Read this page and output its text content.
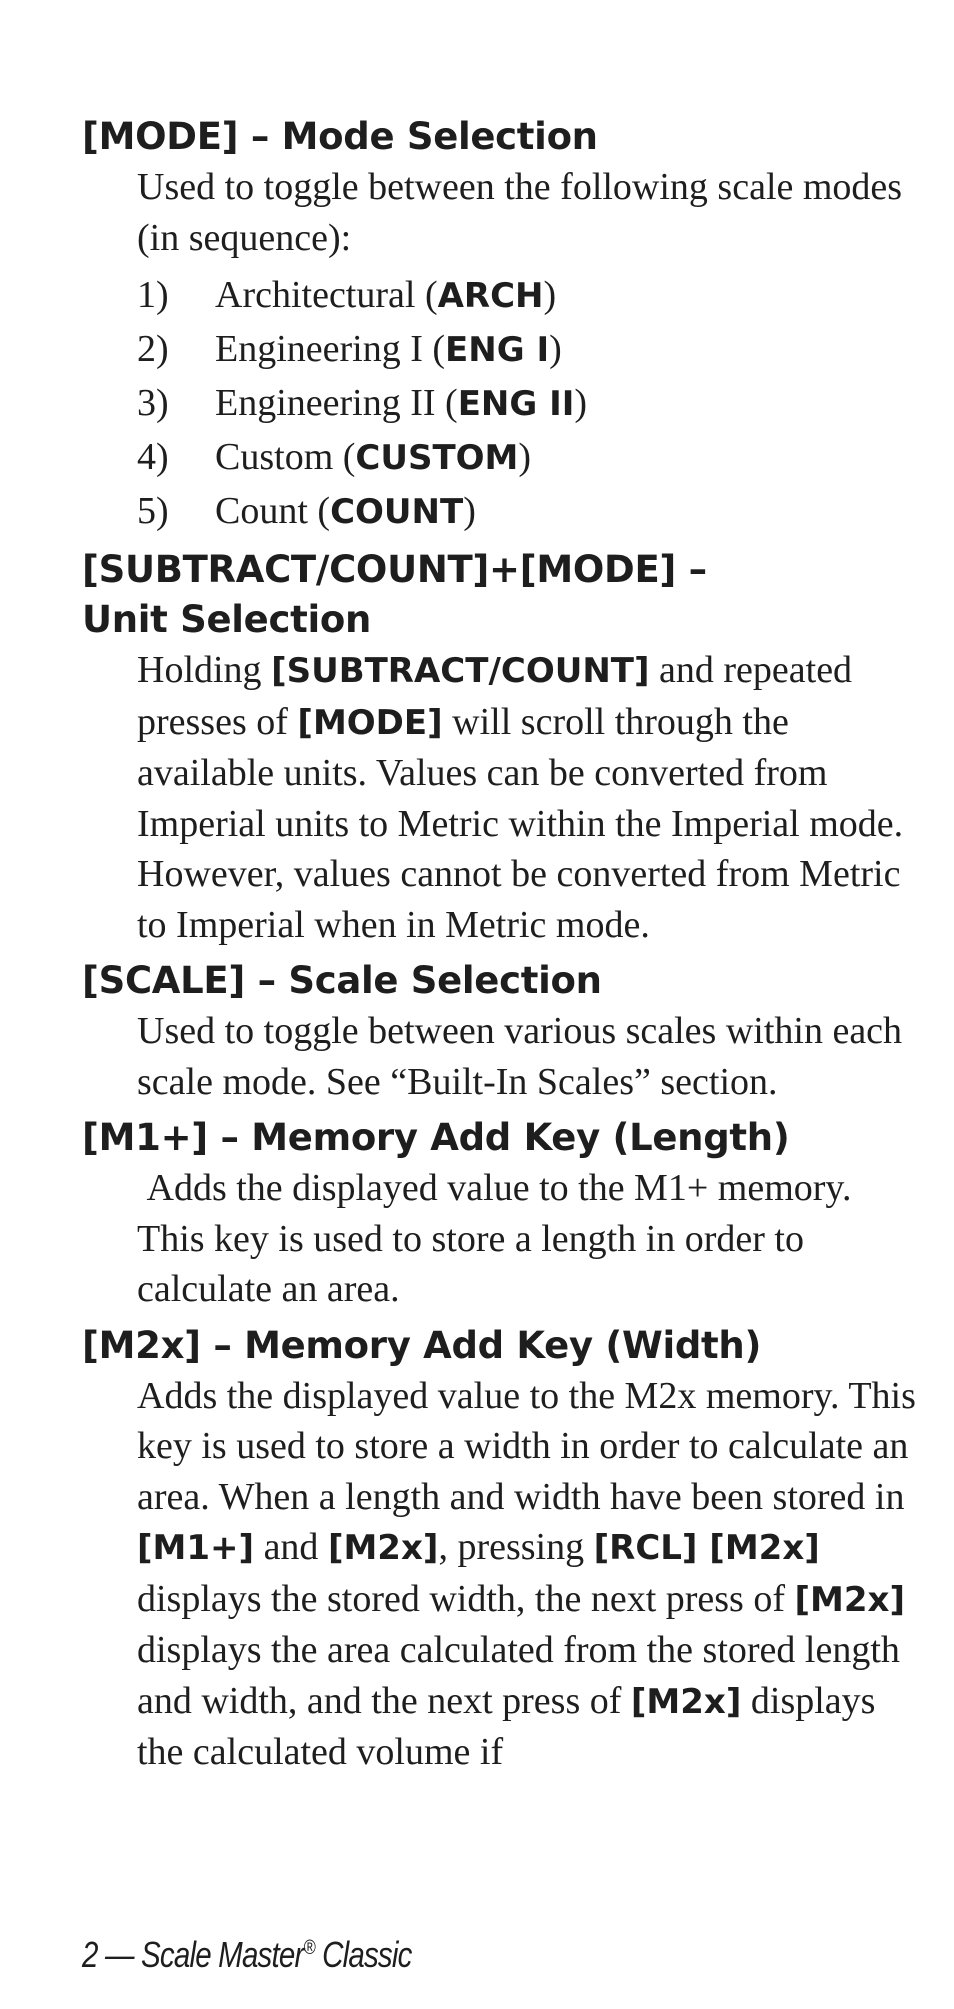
[MODE] – Mode Selection

Used to toggle between the following scale modes (in sequence):

1)	Architectural (ARCH)
2)	Engineering I (ENG I)
3)	Engineering II (ENG II)
4)	Custom (CUSTOM)
5)	Count (COUNT)
[SUBTRACT/COUNT]+[MODE] –
Unit Selection

Holding [SUBTRACT/COUNT] and repeated presses of [MODE] will scroll through the available units. Values can be converted from Imperial units to Metric within the Imperial mode. However, values cannot be converted from Metric to Imperial when in Metric mode.

[SCALE] – Scale Selection

Used to toggle between various scales within each scale mode. See “Built-In Scales” section.

[M1+] – Memory Add Key (Length)

Adds the displayed value to the M1+ memory. This key is used to store a length in order to calculate an area.

[M2x] – Memory Add Key (Width)

Adds the displayed value to the M2x memory. This key is used to store a width in order to calculate an area. When a length and width have been stored in [M1+] and [M2x], pressing [RCL] [M2x] displays the stored width, the next press of [M2x] displays the area calculated from the stored length and width, and the next press of [M2x] displays the calculated volume if

2 — Scale Master® Classic
